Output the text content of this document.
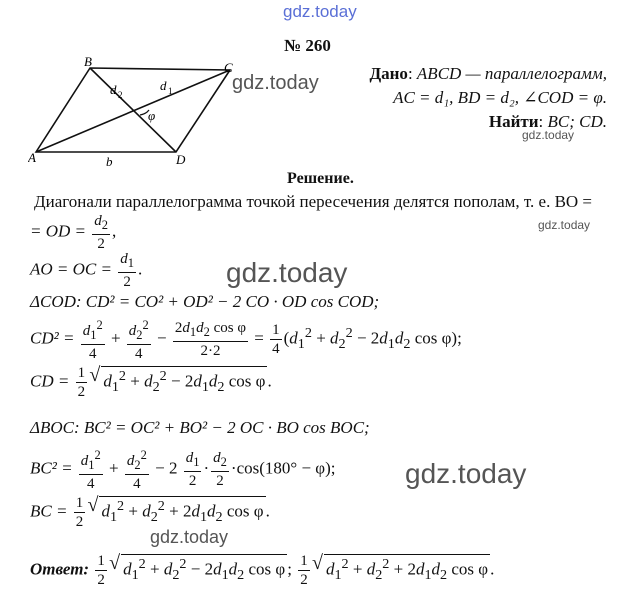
gdz.today
gdz.today
gdz.today
gdz.today
gdz.today
gdz.today
gdz.today
№ 260
B	C
A	D
d 2
d 1
φ
b
Дано: ABCD — параллелограмм,
AC = d₁, BD = d₂, ∠COD = φ.
Найти: BC; CD.
Решение.
Диагонали параллелограмма точкой пересечения делятся пополам, т. е. BO =
= OD = $\frac{d_2}{2}$ ,
AO = OC = $\frac{d_1}{2}$ .
ΔCOD: CD² = CO² + OD² − 2 CO · OD cos COD;
$CD^2 = \frac{d_1^2}{4} + \frac{d_2^2}{4} - \frac{2d_1d_2 \cos \varphi}{2\cdot 2} = \frac{1}{4} (d_1^2 + d_2^2 - 2d_1d_2$ cos φ);
CD = $\frac{1}{2}$ √ $d_1^2 + d_2^2 - 2d_1d_2$ cos φ .
ΔBOC: BC² = OC² + BO² − 2 OC · BO cos BOC;
$BC^2 = \frac{d_1^2}{4} + \frac{d_2^2}{4} - 2 \frac{d_1}{2} \cdot \frac{d_2}{2} \cdot\cos(180^\circ - \varphi)$;
BC = $\frac{1}{2}$ √ $d_1^2 + d_2^2 + 2d_1d_2$ cos φ .
Ответ: $\frac{1}{2}$ √ $d_1^2 + d_2^2 - 2d_1d_2$ cos φ ; $\frac{1}{2}$ √ $d_1^2 + d_2^2 + 2d_1d_2$ cos φ .
